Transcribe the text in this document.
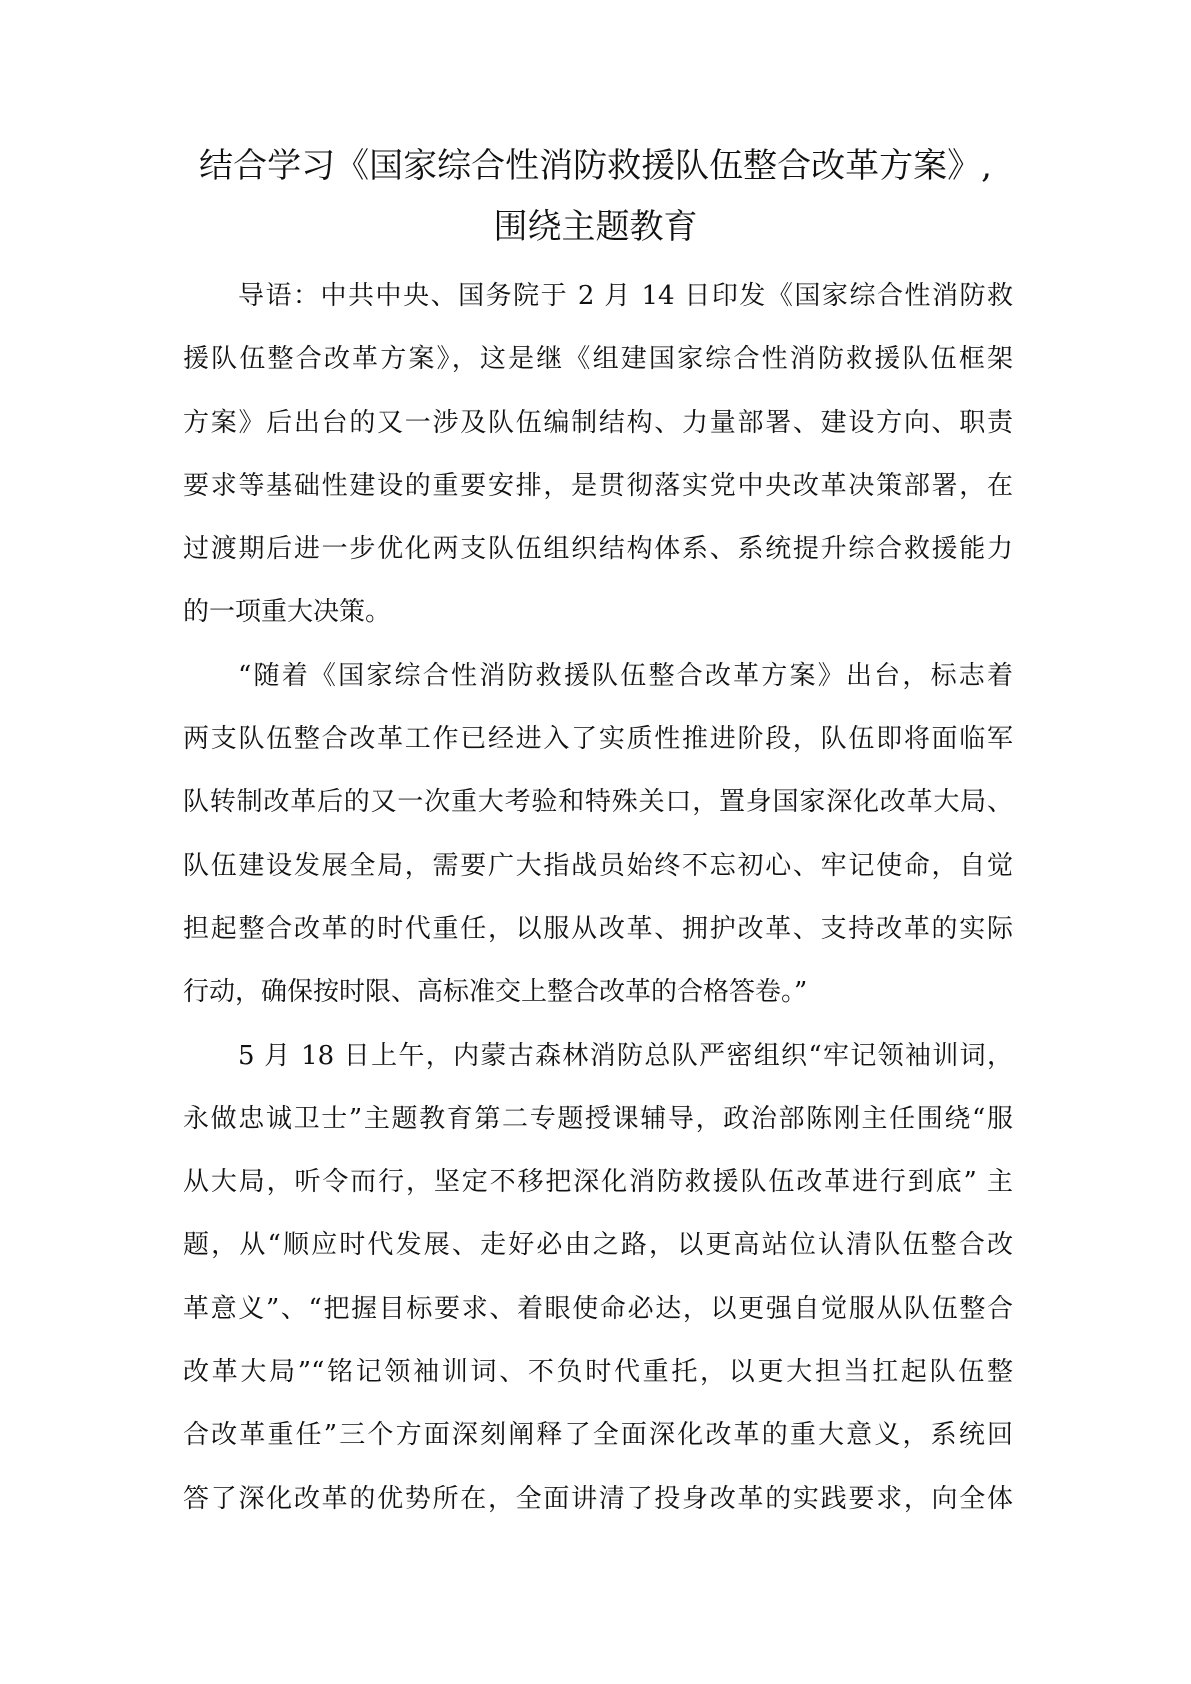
结合学习《国家综合性消防救援队伍整合改革方案》,
围绕主题教育
导语：中共中央、国务院于 2 月 14 日印发《国家综合性消防救
援队伍整合改革方案》，这是继《组建国家综合性消防救援队伍框架
方案》后出台的又一涉及队伍编制结构、力量部署、建设方向、职责
要求等基础性建设的重要安排，是贯彻落实党中央改革决策部署，在
过渡期后进一步优化两支队伍组织结构体系、系统提升综合救援能力
的一项重大决策。
“随着《国家综合性消防救援队伍整合改革方案》出台，标志着
两支队伍整合改革工作已经进入了实质性推进阶段，队伍即将面临军
队转制改革后的又一次重大考验和特殊关口，置身国家深化改革大局、
队伍建设发展全局，需要广大指战员始终不忘初心、牢记使命，自觉
担起整合改革的时代重任，以服从改革、拥护改革、支持改革的实际
行动，确保按时限、高标准交上整合改革的合格答卷。”
5 月 18 日上午，内蒙古森林消防总队严密组织“牢记领袖训词，
永做忠诚卫士”主题教育第二专题授课辅导，政治部陈刚主任围绕“服
从大局，听令而行，坚定不移把深化消防救援队伍改革进行到底” 主
题，从“顺应时代发展、走好必由之路，以更高站位认清队伍整合改
革意义”、“把握目标要求、着眼使命必达，以更强自觉服从队伍整合
改革大局”“铭记领袖训词、不负时代重托，以更大担当扛起队伍整
合改革重任”三个方面深刻阐释了全面深化改革的重大意义，系统回
答了深化改革的优势所在，全面讲清了投身改革的实践要求，向全体
